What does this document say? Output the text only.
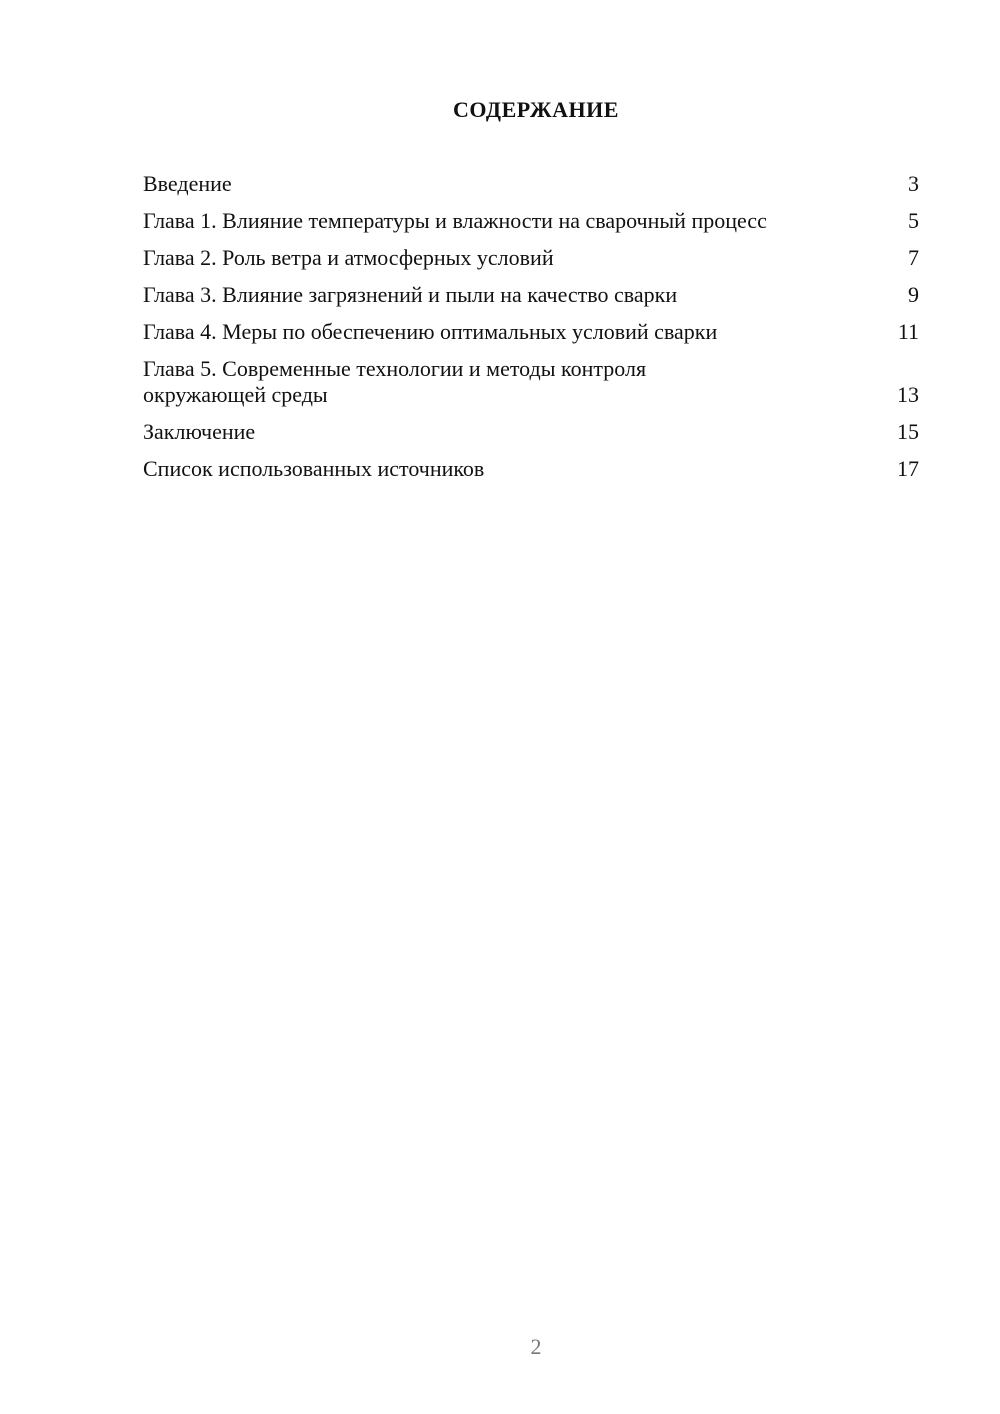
СОДЕРЖАНИЕ
Введение	3
Глава 1. Влияние температуры и влажности на сварочный процесс	5
Глава 2. Роль ветра и атмосферных условий	7
Глава 3. Влияние загрязнений и пыли на качество сварки	9
Глава 4. Меры по обеспечению оптимальных условий сварки	11
Глава 5. Современные технологии и методы контроля окружающей среды	13
Заключение	15
Список использованных источников	17
2
